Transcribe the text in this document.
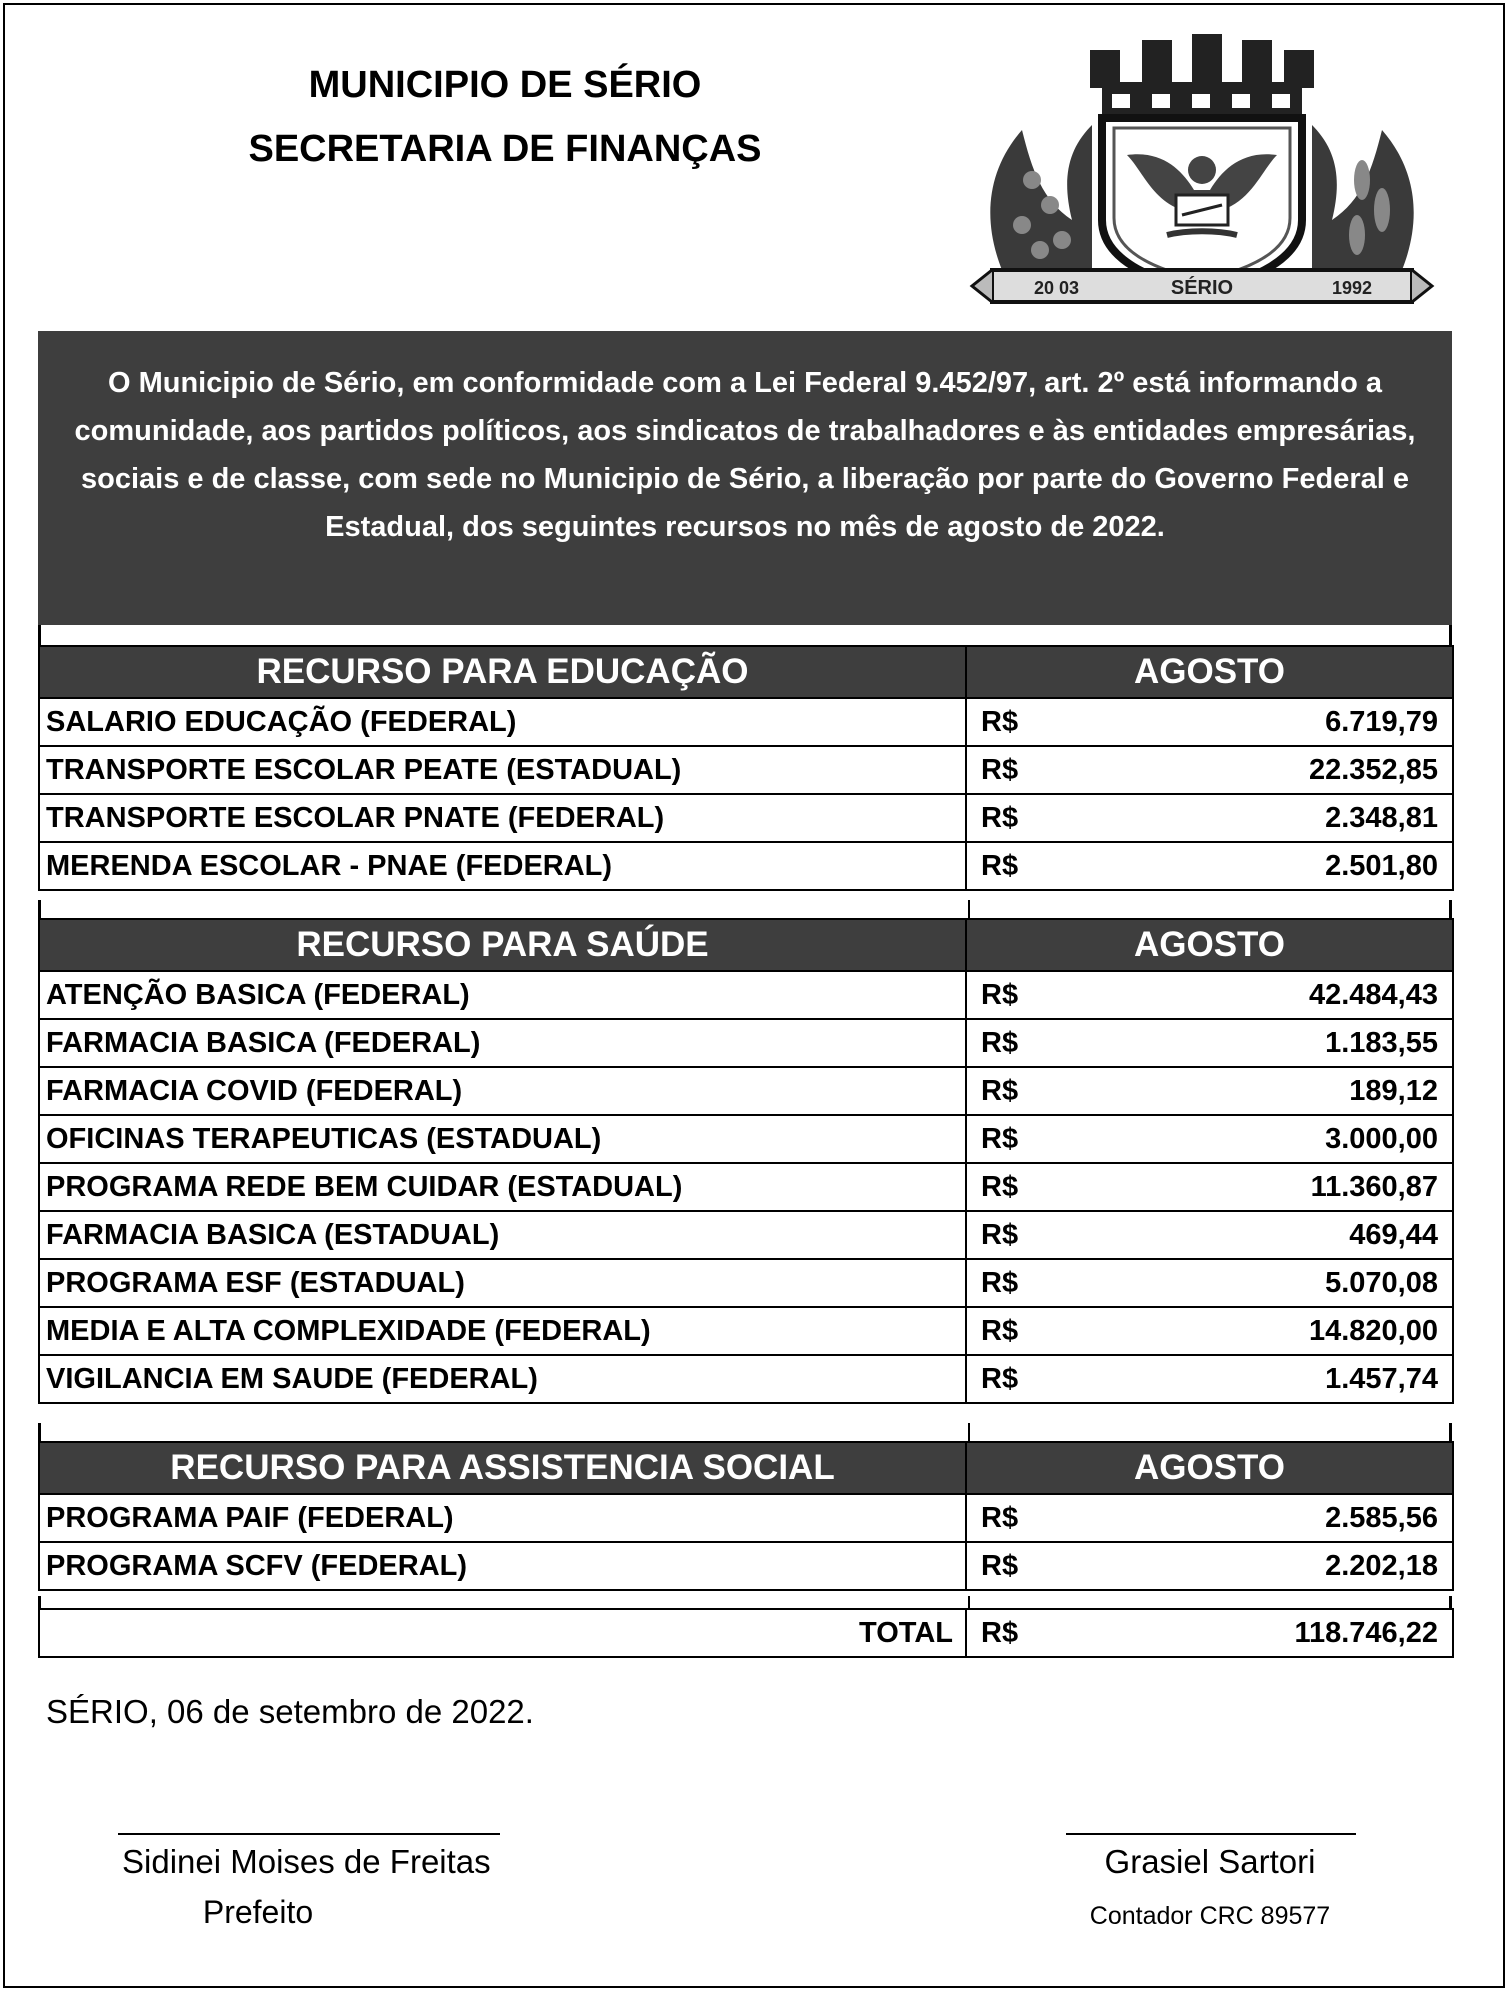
MUNICIPIO DE SÉRIO
SECRETARIA DE FINANÇAS
20 03	SÉRIO	1992
O Municipio de Sério, em conformidade com a Lei Federal 9.452/97, art. 2º está informando a comunidade, aos partidos políticos, aos sindicatos de trabalhadores e às entidades empresárias, sociais e de classe, com sede no Municipio de Sério, a liberação por parte do Governo Federal e Estadual, dos seguintes recursos no mês de agosto de 2022.
RECURSO PARA EDUCAÇÃO	AGOSTO
SALARIO EDUCAÇÃO (FEDERAL)	R$ 6.719,79

TRANSPORTE ESCOLAR PEATE (ESTADUAL)	R$ 22.352,85

TRANSPORTE ESCOLAR PNATE (FEDERAL)	R$ 2.348,81

MERENDA ESCOLAR - PNAE (FEDERAL)	R$ 2.501,80
RECURSO PARA SAÚDE	AGOSTO
ATENÇÃO BASICA (FEDERAL)	R$ 42.484,43

FARMACIA BASICA (FEDERAL)	R$ 1.183,55

FARMACIA COVID (FEDERAL)	R$ 189,12

OFICINAS TERAPEUTICAS (ESTADUAL)	R$ 3.000,00

PROGRAMA REDE BEM CUIDAR (ESTADUAL)	R$ 11.360,87

FARMACIA BASICA (ESTADUAL)	R$ 469,44

PROGRAMA ESF (ESTADUAL)	R$ 5.070,08

MEDIA E ALTA COMPLEXIDADE (FEDERAL)	R$ 14.820,00

VIGILANCIA EM SAUDE (FEDERAL)	R$ 1.457,74
RECURSO PARA ASSISTENCIA SOCIAL	AGOSTO
PROGRAMA PAIF (FEDERAL)	R$ 2.585,56

PROGRAMA SCFV (FEDERAL)	R$ 2.202,18
TOTAL	R$	118.746,22
SÉRIO, 06 de setembro de 2022.
Sidinei Moises de Freitas
Prefeito
Grasiel Sartori
Contador CRC 89577
